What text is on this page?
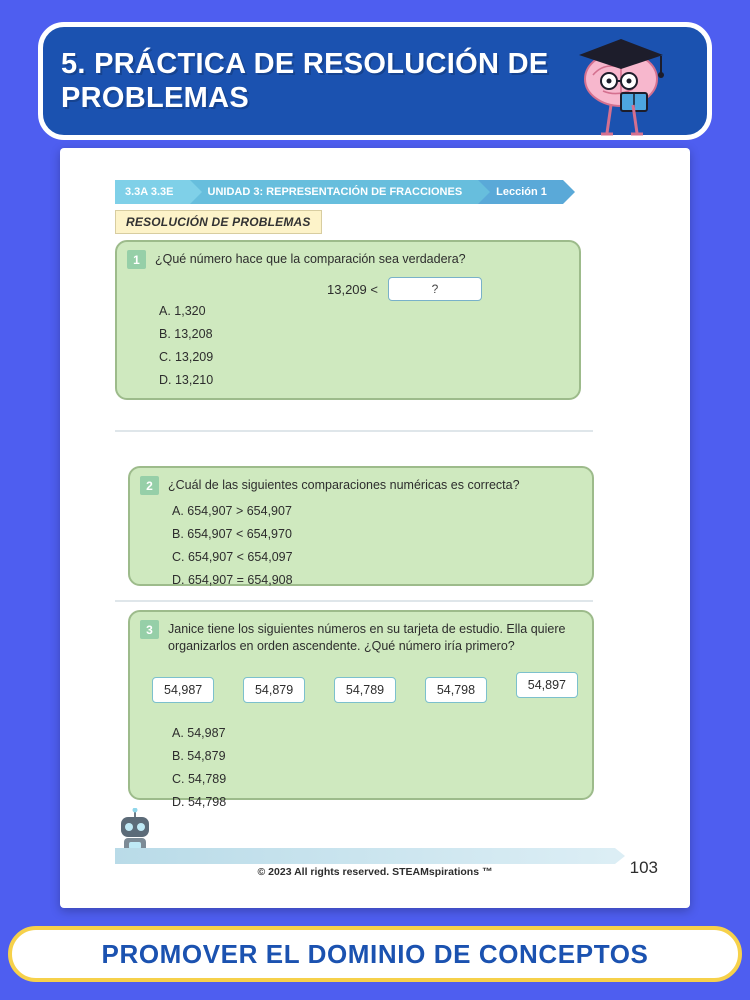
5. PRÁCTICA DE RESOLUCIÓN DE PROBLEMAS
3.3A 3.3E	UNIDAD 3: REPRESENTACIÓN DE FRACCIONES	Lección 1
RESOLUCIÓN DE PROBLEMAS
1	¿Qué número hace que la comparación sea verdadera?
13,209 <	?
A. 1,320
B. 13,208
C. 13,209
D. 13,210
2	¿Cuál de las siguientes comparaciones numéricas es correcta?
A. 654,907 > 654,907
B. 654,907 < 654,970
C. 654,907 < 654,097
D. 654,907 = 654,908
3	Janice tiene los siguientes números en su tarjeta de estudio. Ella quiere organizarlos en orden ascendente. ¿Qué número iría primero?
54,987	54,879	54,789	54,798	54,897
A. 54,987
B. 54,879
C. 54,789
D. 54,798
© 2023 All rights reserved. STEAMspirations ™	103
PROMOVER EL DOMINIO DE CONCEPTOS
